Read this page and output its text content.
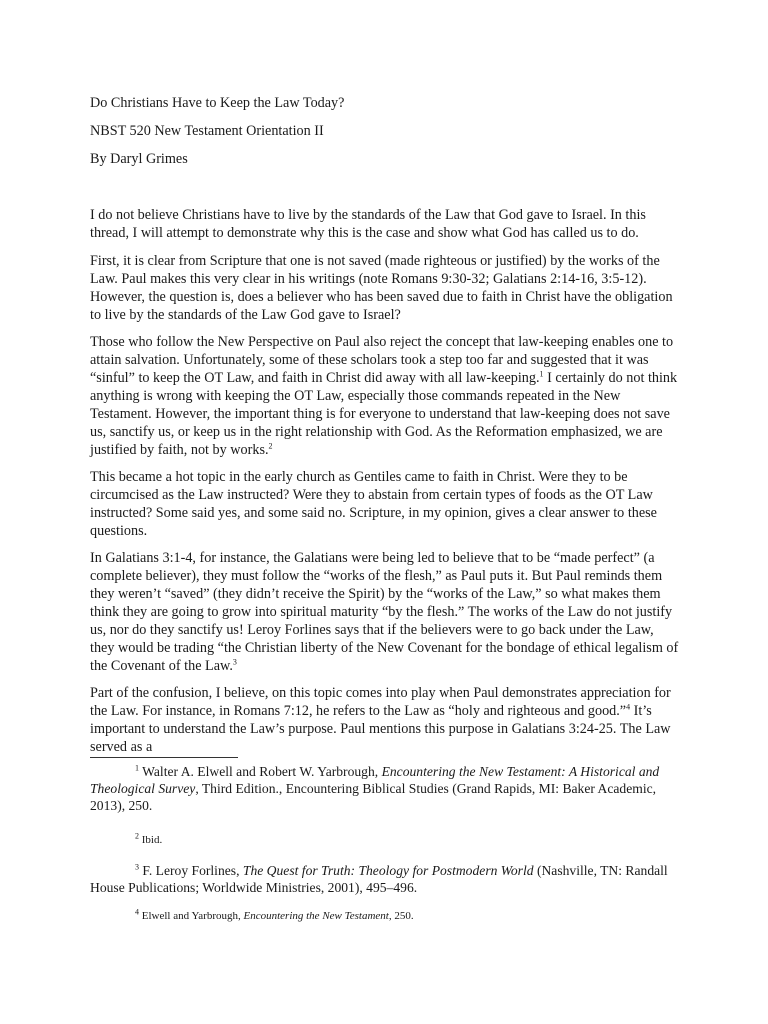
Do Christians Have to Keep the Law Today?
NBST 520 New Testament Orientation II
By Daryl Grimes

I do not believe Christians have to live by the standards of the Law that God gave to Israel. In this thread, I will attempt to demonstrate why this is the case and show what God has called us to do.

First, it is clear from Scripture that one is not saved (made righteous or justified) by the works of the Law. Paul makes this very clear in his writings (note Romans 9:30-32; Galatians 2:14-16, 3:5-12). However, the question is, does a believer who has been saved due to faith in Christ have the obligation to live by the standards of the Law God gave to Israel?

Those who follow the New Perspective on Paul also reject the concept that law-keeping enables one to attain salvation. Unfortunately, some of these scholars took a step too far and suggested that it was “sinful” to keep the OT Law, and faith in Christ did away with all law-keeping.$^1$ I certainly do not think anything is wrong with keeping the OT Law, especially those commands repeated in the New Testament. However, the important thing is for everyone to understand that law-keeping does not save us, sanctify us, or keep us in the right relationship with God. As the Reformation emphasized, we are justified by faith, not by works.$^2$

This became a hot topic in the early church as Gentiles came to faith in Christ. Were they to be circumcised as the Law instructed? Were they to abstain from certain types of foods as the OT Law instructed? Some said yes, and some said no. Scripture, in my opinion, gives a clear answer to these questions.

In Galatians 3:1-4, for instance, the Galatians were being led to believe that to be “made perfect” (a complete believer), they must follow the “works of the flesh,” as Paul puts it. But Paul reminds them they weren’t “saved” (they didn’t receive the Spirit) by the “works of the Law,” so what makes them think they are going to grow into spiritual maturity “by the flesh.” The works of the Law do not justify us, nor do they sanctify us! Leroy Forlines says that if the believers were to go back under the Law, they would be trading “the Christian liberty of the New Covenant for the bondage of ethical legalism of the Covenant of the Law.$^3$

Part of the confusion, I believe, on this topic comes into play when Paul demonstrates appreciation for the Law. For instance, in Romans 7:12, he refers to the Law as “holy and righteous and good.”$^4$ It’s important to understand the Law’s purpose. Paul mentions this purpose in Galatians 3:24-25. The Law served as a

$^1$ Walter A. Elwell and Robert W. Yarbrough, Encountering the New Testament: A Historical and Theological Survey, Third Edition., Encountering Biblical Studies (Grand Rapids, MI: Baker Academic, 2013), 250.

$^2$ Ibid.

$^3$ F. Leroy Forlines, The Quest for Truth: Theology for Postmodern World (Nashville, TN: Randall House Publications; Worldwide Ministries, 2001), 495–496.

$^4$ Elwell and Yarbrough, Encountering the New Testament, 250.
